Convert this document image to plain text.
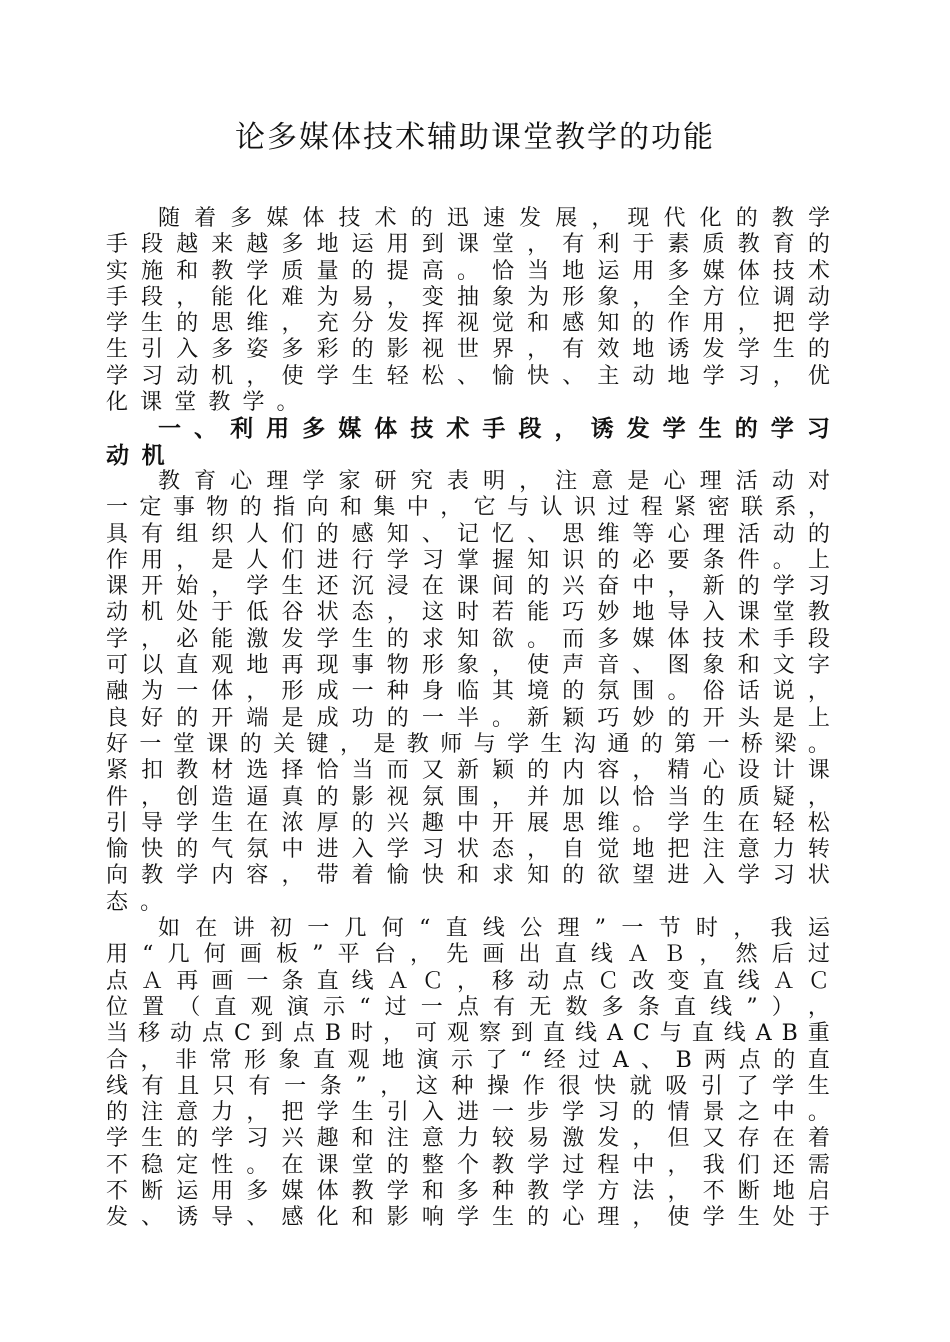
论多媒体技术辅助课堂教学的功能
随 着 多 媒 体 技 术 的 迅 速 发 展 ， 现 代 化 的 教 学
手 段 越 来 越 多 地 运 用 到 课 堂 ， 有 利 于 素 质 教 育 的
实 施 和 教 学 质 量 的 提 高 。 恰 当 地 运 用 多 媒 体 技 术
手 段 ， 能 化 难 为 易 ， 变 抽 象 为 形 象 ， 全 方 位 调 动
学 生 的 思 维 ， 充 分 发 挥 视 觉 和 感 知 的 作 用 ， 把 学
生 引 入 多 姿 多 彩 的 影 视 世 界 ， 有 效 地 诱 发 学 生 的
学 习 动 机 ， 使 学 生 轻 松 、 愉 快 、 主 动 地 学 习 ， 优
化 课 堂 教 学 。
一 、 利 用 多 媒 体 技 术 手 段 ， 诱 发 学 生 的 学 习
动 机
教 育 心 理 学 家 研 究 表 明 ， 注 意 是 心 理 活 动 对
一 定 事 物 的 指 向 和 集 中 ， 它 与 认 识 过 程 紧 密 联 系 ，
具 有 组 织 人 们 的 感 知 、 记 忆 、 思 维 等 心 理 活 动 的
作 用 ， 是 人 们 进 行 学 习 掌 握 知 识 的 必 要 条 件 。 上
课 开 始 ， 学 生 还 沉 浸 在 课 间 的 兴 奋 中 ， 新 的 学 习
动 机 处 于 低 谷 状 态 ， 这 时 若 能 巧 妙 地 导 入 课 堂 教
学 ， 必 能 激 发 学 生 的 求 知 欲 。 而 多 媒 体 技 术 手 段
可 以 直 观 地 再 现 事 物 形 象 ， 使 声 音 、 图 象 和 文 字
融 为 一 体 ， 形 成 一 种 身 临 其 境 的 氛 围 。 俗 话 说 ，
良 好 的 开 端 是 成 功 的 一 半 。 新 颖 巧 妙 的 开 头 是 上
好 一 堂 课 的 关 键 ， 是 教 师 与 学 生 沟 通 的 第 一 桥 梁 。
紧 扣 教 材 选 择 恰 当 而 又 新 颖 的 内 容 ， 精 心 设 计 课
件 ， 创 造 逼 真 的 影 视 氛 围 ， 并 加 以 恰 当 的 质 疑 ，
引 导 学 生 在 浓 厚 的 兴 趣 中 开 展 思 维 。 学 生 在 轻 松
愉 快 的 气 氛 中 进 入 学 习 状 态 ， 自 觉 地 把 注 意 力 转
向 教 学 内 容 ， 带 着 愉 快 和 求 知 的 欲 望 进 入 学 习 状
态 。
如 在 讲 初 一 几 何 “ 直 线 公 理 ” 一 节 时 ， 我 运
用 “ 几 何 画 板 ” 平 台 ， 先 画 出 直 线 Ａ Ｂ ， 然 后 过
点 Ａ 再 画 一 条 直 线 Ａ Ｃ ， 移 动 点 Ｃ 改 变 直 线 Ａ Ｃ
位 置 （ 直 观 演 示 “ 过 一 点 有 无 数 多 条 直 线 ” ） ，
当 移 动 点 C 到 点 B 时 ， 可 观 察 到 直 线 A C 与 直 线 A B 重
合 ， 非 常 形 象 直 观 地 演 示 了 “ 经 过 A 、 B 两 点 的 直
线 有 且 只 有 一 条 ” ， 这 种 操 作 很 快 就 吸 引 了 学 生
的 注 意 力 ， 把 学 生 引 入 进 一 步 学 习 的 情 景 之 中 。
学 生 的 学 习 兴 趣 和 注 意 力 较 易 激 发 ， 但 又 存 在 着
不 稳 定 性 。 在 课 堂 的 整 个 教 学 过 程 中 ， 我 们 还 需
不 断 运 用 多 媒 体 教 学 和 多 种 教 学 方 法 ， 不 断 地 启
发 、 诱 导 、 感 化 和 影 响 学 生 的 心 理 ， 使 学 生 处 于
